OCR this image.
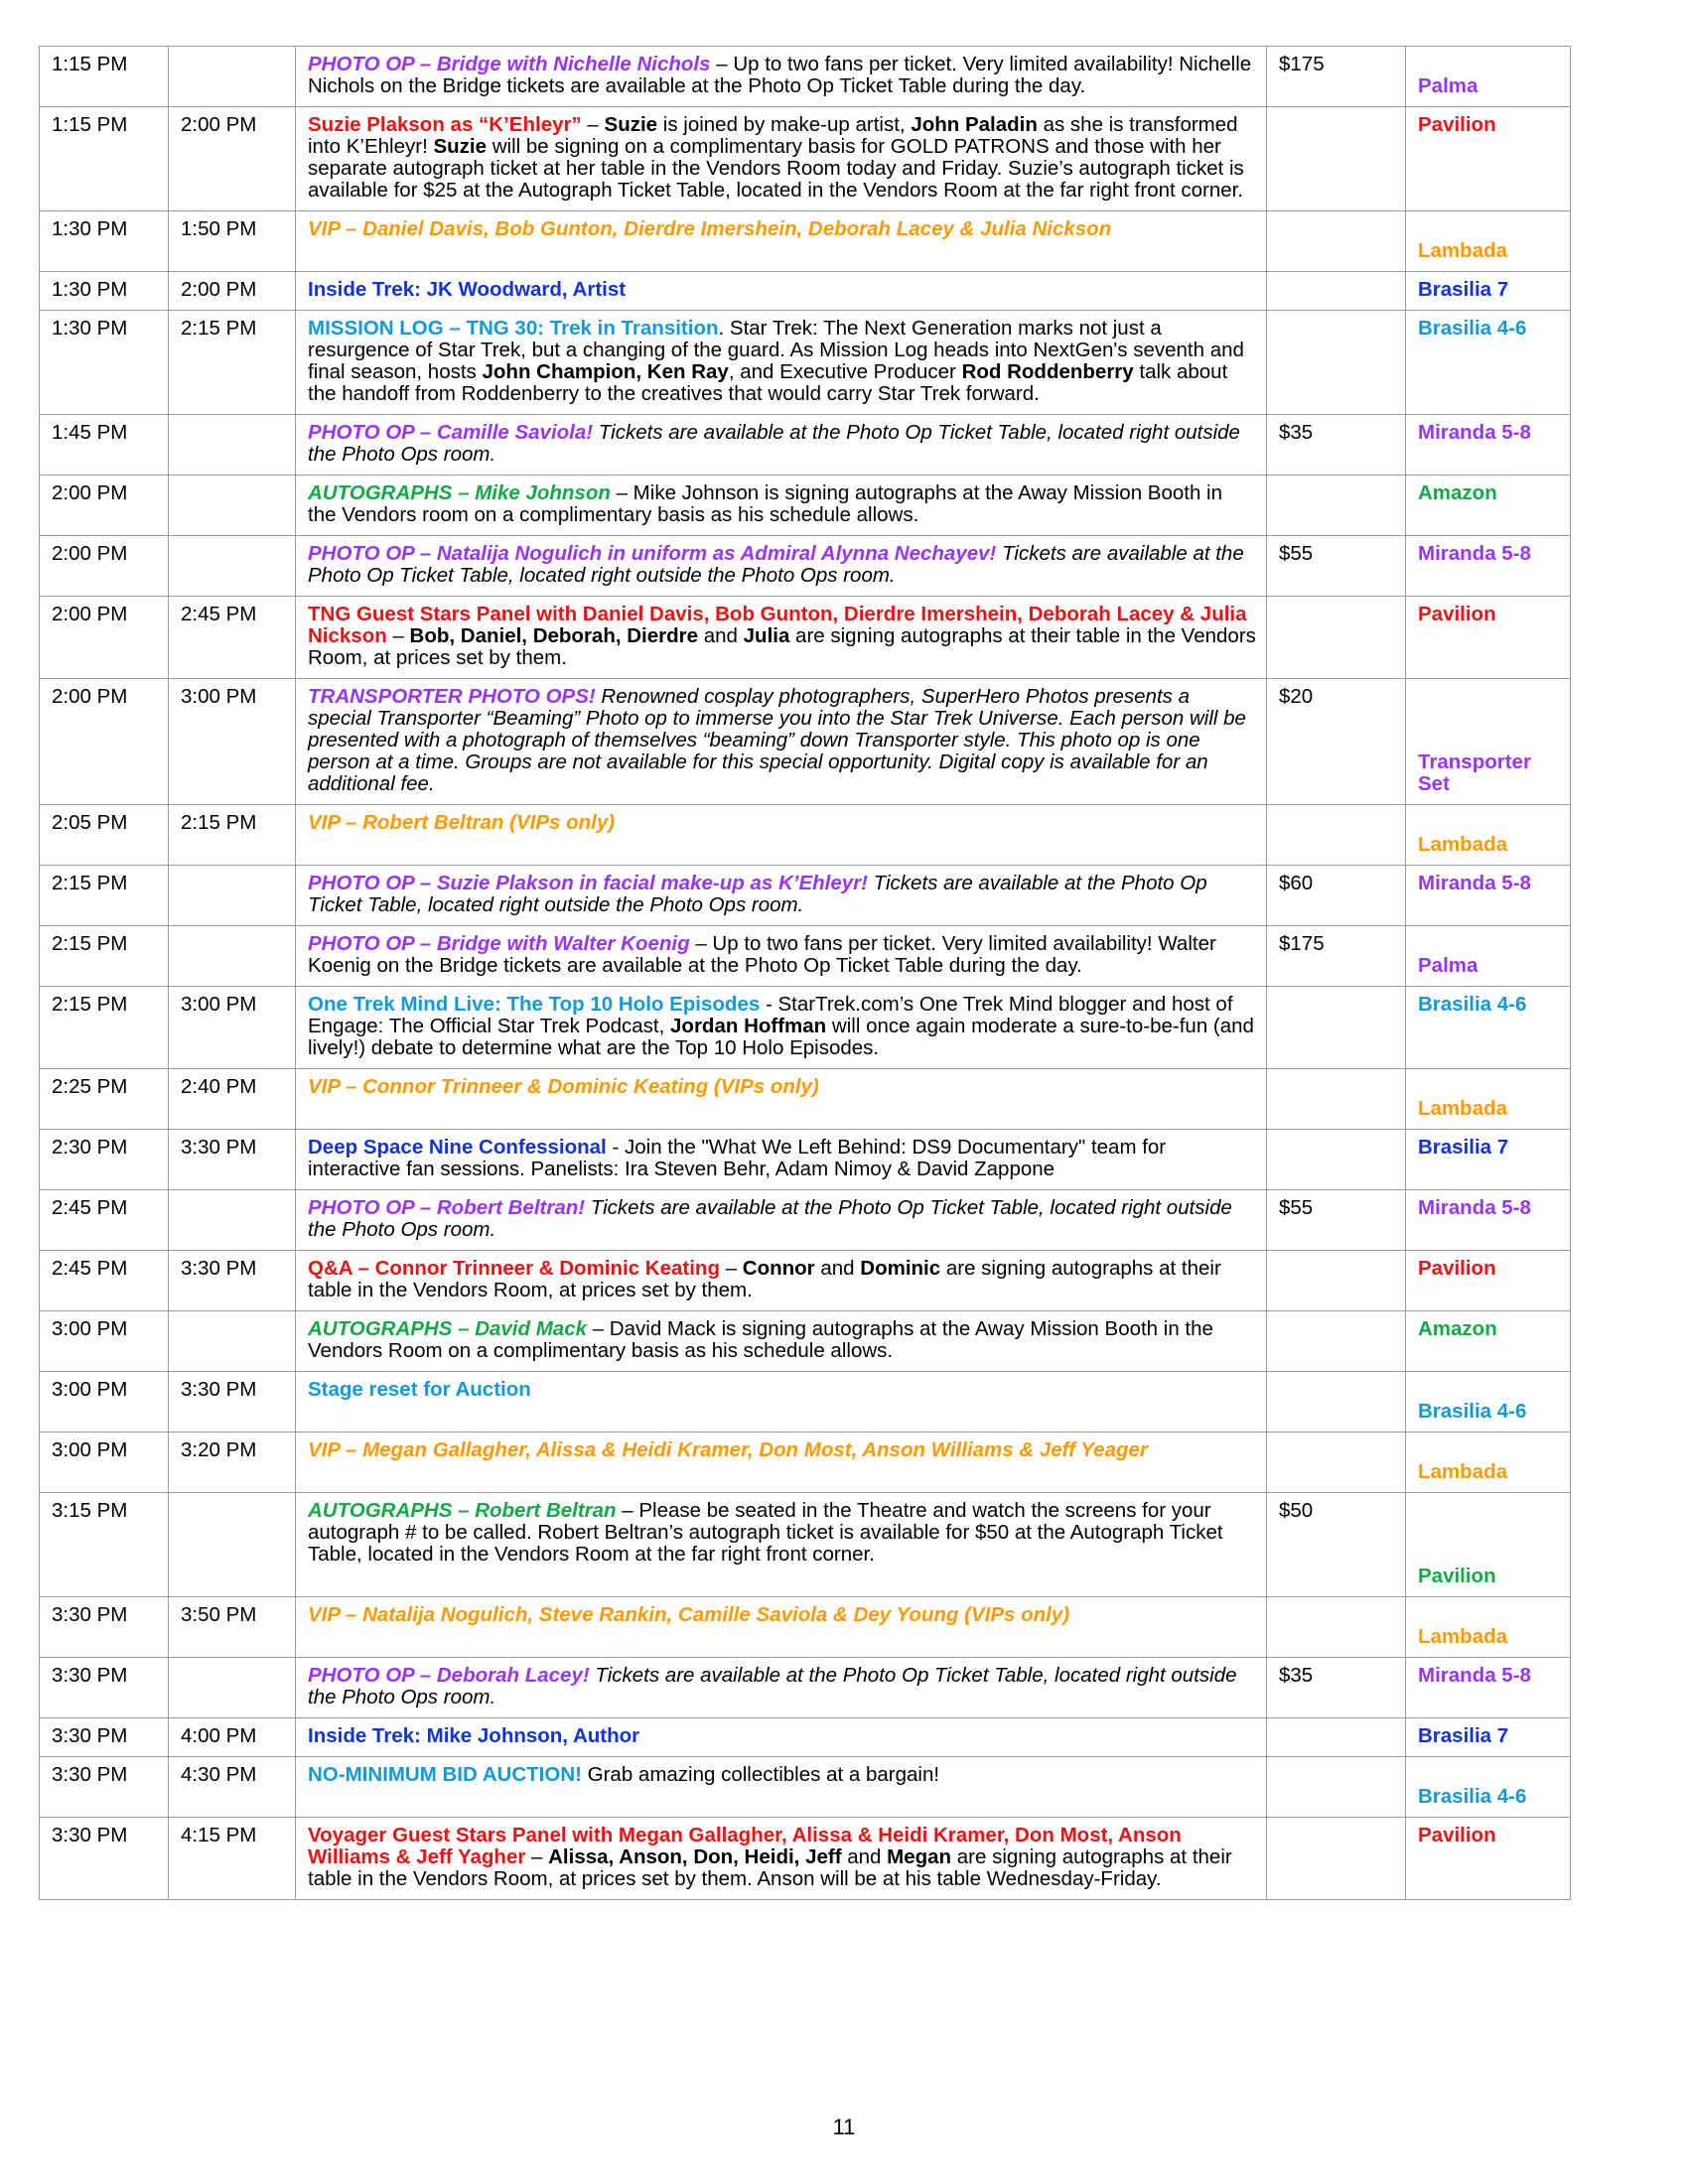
1:15 PM		PHOTO OP – Bridge with Nichelle Nichols – Up to two fans per ticket. Very limited availability! Nichelle Nichols on the Bridge tickets are available at the Photo Op Ticket Table during the day.	$175	Palma

1:15 PM	2:00 PM	Suzie Plakson as “K’Ehleyr” – Suzie is joined by make-up artist, John Paladin as she is transformed into K’Ehleyr! Suzie will be signing on a complimentary basis for GOLD PATRONS and those with her separate autograph ticket at her table in the Vendors Room today and Friday. Suzie’s autograph ticket is available for $25 at the Autograph Ticket Table, located in the Vendors Room at the far right front corner.		Pavilion

1:30 PM	1:50 PM	VIP – Daniel Davis, Bob Gunton, Dierdre Imershein, Deborah Lacey & Julia Nickson		Lambada

1:30 PM	2:00 PM	Inside Trek: JK Woodward, Artist		Brasilia 7

1:30 PM	2:15 PM	MISSION LOG – TNG 30: Trek in Transition. Star Trek: The Next Generation marks not just a resurgence of Star Trek, but a changing of the guard. As Mission Log heads into NextGen's seventh and final season, hosts John Champion, Ken Ray, and Executive Producer Rod Roddenberry talk about the handoff from Roddenberry to the creatives that would carry Star Trek forward.		Brasilia 4-6

1:45 PM		PHOTO OP – Camille Saviola! Tickets are available at the Photo Op Ticket Table, located right outside the Photo Ops room.	$35	Miranda 5-8

2:00 PM		AUTOGRAPHS – Mike Johnson – Mike Johnson is signing autographs at the Away Mission Booth in the Vendors room on a complimentary basis as his schedule allows.		Amazon

2:00 PM		PHOTO OP – Natalija Nogulich in uniform as Admiral Alynna Nechayev! Tickets are available at the Photo Op Ticket Table, located right outside the Photo Ops room.	$55	Miranda 5-8

2:00 PM	2:45 PM	TNG Guest Stars Panel with Daniel Davis, Bob Gunton, Dierdre Imershein, Deborah Lacey & Julia Nickson – Bob, Daniel, Deborah, Dierdre and Julia are signing autographs at their table in the Vendors Room, at prices set by them.		Pavilion

2:00 PM	3:00 PM	TRANSPORTER PHOTO OPS! Renowned cosplay photographers, SuperHero Photos presents a special Transporter “Beaming” Photo op to immerse you into the Star Trek Universe. Each person will be presented with a photograph of themselves “beaming” down Transporter style. This photo op is one person at a time. Groups are not available for this special opportunity. Digital copy is available for an additional fee.	$20	Transporter Set

2:05 PM	2:15 PM	VIP – Robert Beltran (VIPs only)		Lambada

2:15 PM		PHOTO OP – Suzie Plakson in facial make-up as K’Ehleyr! Tickets are available at the Photo Op Ticket Table, located right outside the Photo Ops room.	$60	Miranda 5-8

2:15 PM		PHOTO OP – Bridge with Walter Koenig – Up to two fans per ticket. Very limited availability! Walter Koenig on the Bridge tickets are available at the Photo Op Ticket Table during the day.	$175	Palma

2:15 PM	3:00 PM	One Trek Mind Live: The Top 10 Holo Episodes - StarTrek.com’s One Trek Mind blogger and host of Engage: The Official Star Trek Podcast, Jordan Hoffman will once again moderate a sure-to-be-fun (and lively!) debate to determine what are the Top 10 Holo Episodes.		Brasilia 4-6

2:25 PM	2:40 PM	VIP – Connor Trinneer & Dominic Keating (VIPs only)		Lambada

2:30 PM	3:30 PM	Deep Space Nine Confessional - Join the "What We Left Behind: DS9 Documentary" team for interactive fan sessions. Panelists: Ira Steven Behr, Adam Nimoy & David Zappone		Brasilia 7

2:45 PM		PHOTO OP – Robert Beltran! Tickets are available at the Photo Op Ticket Table, located right outside the Photo Ops room.	$55	Miranda 5-8

2:45 PM	3:30 PM	Q&A – Connor Trinneer & Dominic Keating – Connor and Dominic are signing autographs at their table in the Vendors Room, at prices set by them.		Pavilion

3:00 PM		AUTOGRAPHS – David Mack – David Mack is signing autographs at the Away Mission Booth in the Vendors Room on a complimentary basis as his schedule allows.		Amazon

3:00 PM	3:30 PM	Stage reset for Auction		Brasilia 4-6

3:00 PM	3:20 PM	VIP – Megan Gallagher, Alissa & Heidi Kramer, Don Most, Anson Williams & Jeff Yeager		Lambada

3:15 PM		AUTOGRAPHS – Robert Beltran – Please be seated in the Theatre and watch the screens for your autograph # to be called. Robert Beltran’s autograph ticket is available for $50 at the Autograph Ticket Table, located in the Vendors Room at the far right front corner.	$50	Pavilion

3:30 PM	3:50 PM	VIP – Natalija Nogulich, Steve Rankin, Camille Saviola & Dey Young (VIPs only)		Lambada

3:30 PM		PHOTO OP – Deborah Lacey! Tickets are available at the Photo Op Ticket Table, located right outside the Photo Ops room.	$35	Miranda 5-8

3:30 PM	4:00 PM	Inside Trek: Mike Johnson, Author		Brasilia 7

3:30 PM	4:30 PM	NO-MINIMUM BID AUCTION! Grab amazing collectibles at a bargain!		Brasilia 4-6

3:30 PM	4:15 PM	Voyager Guest Stars Panel with Megan Gallagher, Alissa & Heidi Kramer, Don Most, Anson Williams & Jeff Yagher – Alissa, Anson, Don, Heidi, Jeff and Megan are signing autographs at their table in the Vendors Room, at prices set by them. Anson will be at his table Wednesday-Friday.		Pavilion
11
